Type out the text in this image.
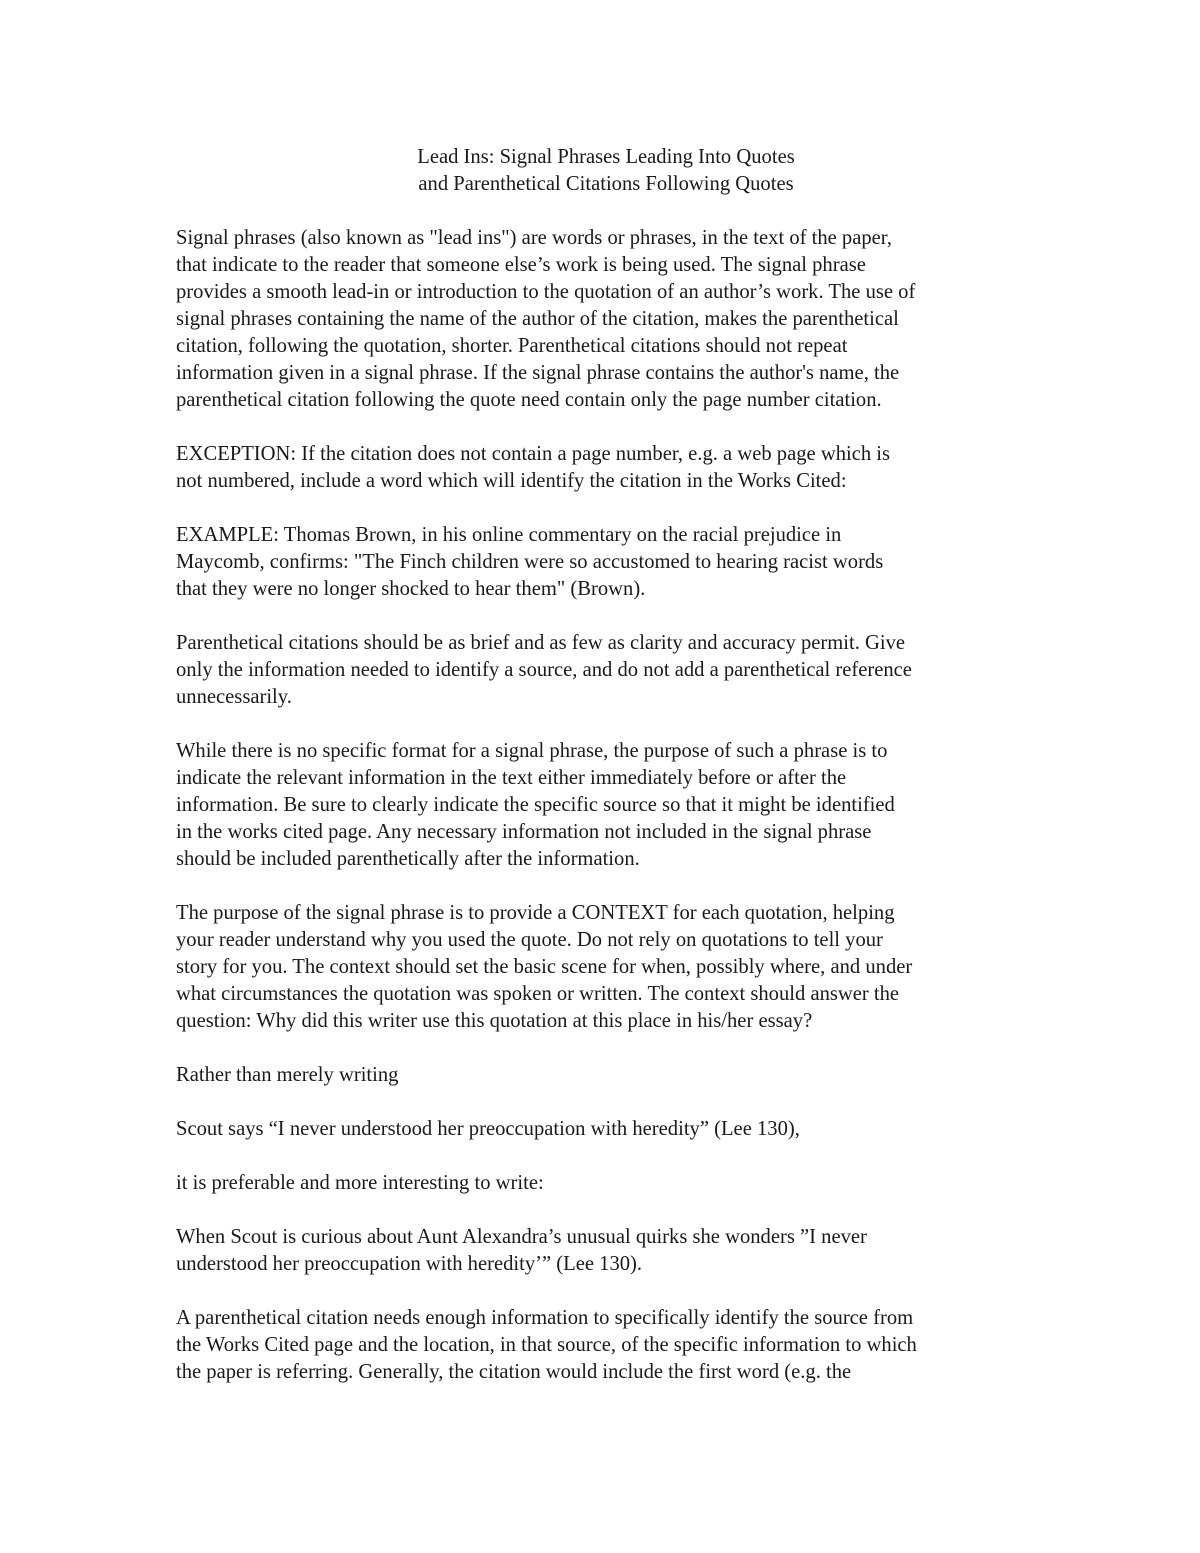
Lead Ins: Signal Phrases Leading Into Quotes
and Parenthetical Citations Following Quotes
Signal phrases (also known as "lead ins") are words or phrases, in the text of the paper,
that indicate to the reader that someone else’s work is being used. The signal phrase
provides a smooth lead-in or introduction to the quotation of an author’s work. The use of
signal phrases containing the name of the author of the citation, makes the parenthetical
citation, following the quotation, shorter. Parenthetical citations should not repeat
information given in a signal phrase. If the signal phrase contains the author's name, the
parenthetical citation following the quote need contain only the page number citation.
EXCEPTION: If the citation does not contain a page number, e.g. a web page which is
not numbered, include a word which will identify the citation in the Works Cited:
EXAMPLE: Thomas Brown, in his online commentary on the racial prejudice in
Maycomb, confirms: "The Finch children were so accustomed to hearing racist words
that they were no longer shocked to hear them" (Brown).
Parenthetical citations should be as brief and as few as clarity and accuracy permit. Give
only the information needed to identify a source, and do not add a parenthetical reference
unnecessarily.
While there is no specific format for a signal phrase, the purpose of such a phrase is to
indicate the relevant information in the text either immediately before or after the
information. Be sure to clearly indicate the specific source so that it might be identified
in the works cited page. Any necessary information not included in the signal phrase
should be included parenthetically after the information.
The purpose of the signal phrase is to provide a CONTEXT for each quotation, helping
your reader understand why you used the quote. Do not rely on quotations to tell your
story for you. The context should set the basic scene for when, possibly where, and under
what circumstances the quotation was spoken or written. The context should answer the
question: Why did this writer use this quotation at this place in his/her essay?
Rather than merely writing
Scout says “I never understood her preoccupation with heredity” (Lee 130),
it is preferable and more interesting to write:
When Scout is curious about Aunt Alexandra’s unusual quirks she wonders ”I never
understood her preoccupation with heredity’” (Lee 130).
A parenthetical citation needs enough information to specifically identify the source from
the Works Cited page and the location, in that source, of the specific information to which
the paper is referring. Generally, the citation would include the first word (e.g. the
